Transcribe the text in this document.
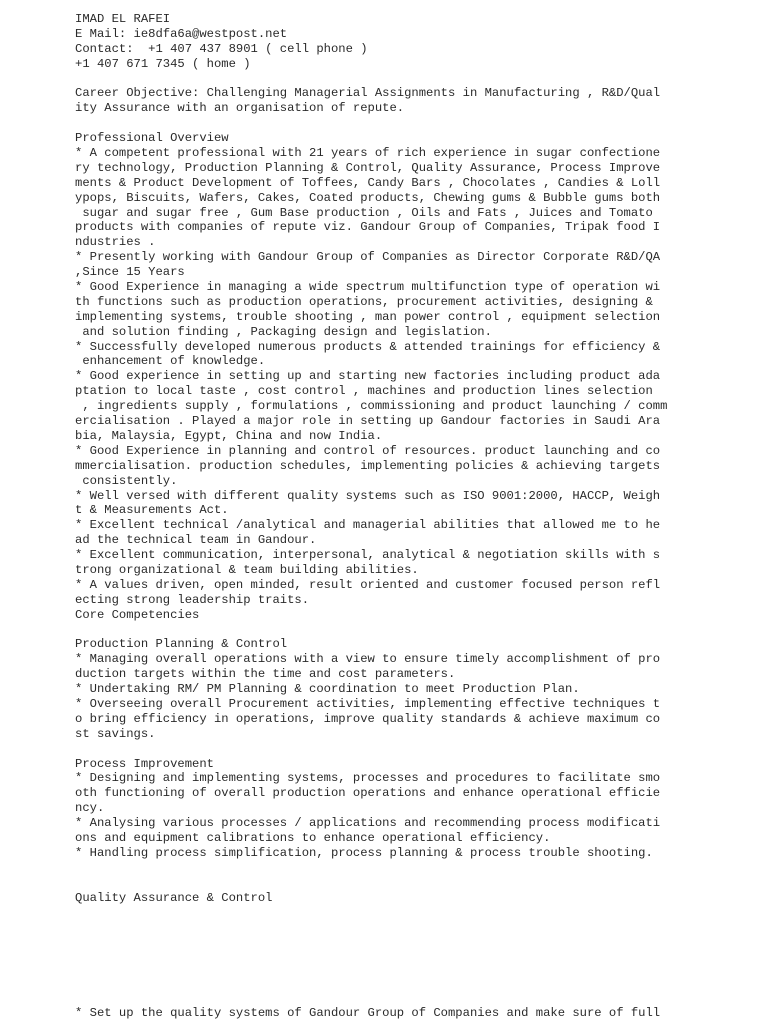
IMAD EL RAFEI
E Mail: ie8dfa6a@westpost.net
Contact:  +1 407 437 8901 ( cell phone )
+1 407 671 7345 ( home )
Career Objective: Challenging Managerial Assignments in Manufacturing , R&D/Qual
ity Assurance with an organisation of repute.
Professional Overview
* A competent professional with 21 years of rich experience in sugar confectione
ry technology, Production Planning & Control, Quality Assurance, Process Improve
ments & Product Development of Toffees, Candy Bars , Chocolates , Candies & Loll
ypops, Biscuits, Wafers, Cakes, Coated products, Chewing gums & Bubble gums both
sugar and sugar free , Gum Base production , Oils and Fats , Juices and Tomato
products with companies of repute viz. Gandour Group of Companies, Tripak food I
ndustries .
* Presently working with Gandour Group of Companies as Director Corporate R&D/QA
,Since 15 Years
* Good Experience in managing a wide spectrum multifunction type of operation wi
th functions such as production operations, procurement activities, designing &
implementing systems, trouble shooting , man power control , equipment selection
and solution finding , Packaging design and legislation.
* Successfully developed numerous products & attended trainings for efficiency &
enhancement of knowledge.
* Good experience in setting up and starting new factories including product ada
ptation to local taste , cost control , machines and production lines selection
, ingredients supply , formulations , commissioning and product launching / comm
ercialisation . Played a major role in setting up Gandour factories in Saudi Ara
bia, Malaysia, Egypt, China and now India.
* Good Experience in planning and control of resources. product launching and co
mmercialisation. production schedules, implementing policies & achieving targets
consistently.
* Well versed with different quality systems such as ISO 9001:2000, HACCP, Weigh
t & Measurements Act.
* Excellent technical /analytical and managerial abilities that allowed me to he
ad the technical team in Gandour.
* Excellent communication, interpersonal, analytical & negotiation skills with s
trong organizational & team building abilities.
* A values driven, open minded, result oriented and customer focused person refl
ecting strong leadership traits.
Core Competencies
Production Planning & Control
* Managing overall operations with a view to ensure timely accomplishment of pro
duction targets within the time and cost parameters.
* Undertaking RM/ PM Planning & coordination to meet Production Plan.
* Overseeing overall Procurement activities, implementing effective techniques t
o bring efficiency in operations, improve quality standards & achieve maximum co
st savings.
Process Improvement
* Designing and implementing systems, processes and procedures to facilitate smo
oth functioning of overall production operations and enhance operational efficie
ncy.
* Analysing various processes / applications and recommending process modificati
ons and equipment calibrations to enhance operational efficiency.
* Handling process simplification, process planning & process trouble shooting.
Quality Assurance & Control
* Set up the quality systems of Gandour Group of Companies and make sure of full
